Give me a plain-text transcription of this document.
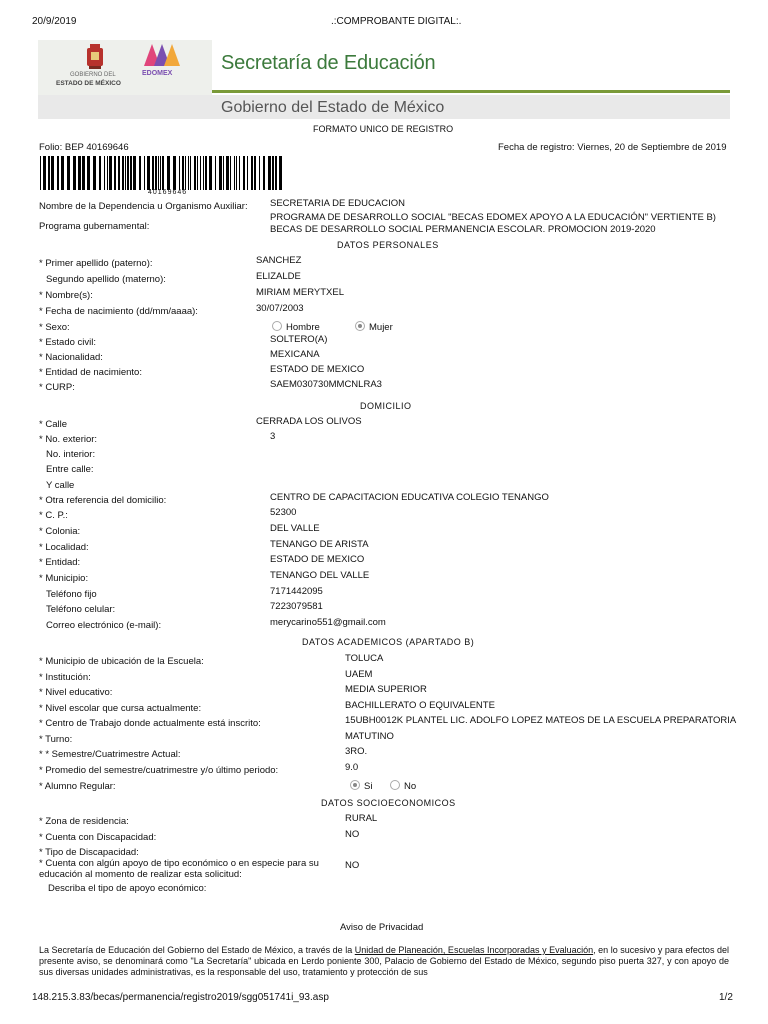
20/9/2019	.:COMPROBANTE DIGITAL:.
148.215.3.83/becas/permanencia/registro2019/sgg051741i_93.asp	1/2
GOBIERNO DEL
ESTADO DE MÉXICO
EDOMEX Secretaría de Educación
Gobierno del Estado de México
FORMATO UNICO DE REGISTRO
Folio: BEP 40169646	Fecha de registro: Viernes, 20 de Septiembre de 2019
40169646
Nombre de la Dependencia u Organismo Auxiliar: SECRETARIA DE EDUCACION
Programa gubernamental:
PROGRAMA DE DESARROLLO SOCIAL "BECAS EDOMEX APOYO A LA EDUCACIÓN" VERTIENTE B)
BECAS DE DESARROLLO SOCIAL PERMANENCIA ESCOLAR. PROMOCION 2019-2020
DATOS PERSONALES
* Primer apellido (paterno):	SANCHEZ
Segundo apellido (materno):	ELIZALDE
* Nombre(s):	MIRIAM MERYTXEL
* Fecha de nacimiento (dd/mm/aaaa):	30/07/2003
* Sexo:	Hombre	Mujer
* Estado civil:	SOLTERO(A)
* Nacionalidad:	MEXICANA
* Entidad de nacimiento:	ESTADO DE MEXICO
* CURP:	SAEM030730MMCNLRA3
DOMICILIO
* Calle	CERRADA LOS OLIVOS
* No. exterior:	3
No. interior:
Entre calle:
Y calle
* Otra referencia del domicilio:	CENTRO DE CAPACITACION EDUCATIVA COLEGIO TENANGO
* C. P.:	52300
* Colonia:	DEL VALLE
* Localidad:	TENANGO DE ARISTA
* Entidad:	ESTADO DE MEXICO
* Municipio:	TENANGO DEL VALLE
Teléfono fijo	7171442095
Teléfono celular:	7223079581
Correo electrónico (e-mail):	merycarino551@gmail.com
DATOS ACADEMICOS (APARTADO B)
* Municipio de ubicación de la Escuela:	TOLUCA
* Institución:	UAEM
* Nivel educativo:	MEDIA SUPERIOR
* Nivel escolar que cursa actualmente:	BACHILLERATO O EQUIVALENTE
* Centro de Trabajo donde actualmente está inscrito:	15UBH0012K PLANTEL LIC. ADOLFO LOPEZ MATEOS DE LA ESCUELA PREPARATORIA
* Turno:	MATUTINO
* * Semestre/Cuatrimestre Actual:	3RO.
* Promedio del semestre/cuatrimestre y/o último periodo:	9.0
* Alumno Regular:	Si	No
DATOS SOCIOECONOMICOS
* Zona de residencia:	RURAL
* Cuenta con Discapacidad:	NO
* Tipo de Discapacidad:
* Cuenta con algún apoyo de tipo económico o en especie para su
educación al momento de realizar esta solicitud:
NO
Describa el tipo de apoyo económico:
Aviso de Privacidad
La Secretaría de Educación del Gobierno del Estado de México, a través de la Unidad de Planeación, Escuelas Incorporadas y Evaluación, en lo sucesivo y para efectos del presente aviso, se denominará como "La Secretaría" ubicada en Lerdo poniente 300, Palacio de Gobierno del Estado de México, segundo piso puerta 327, y con apoyo de sus diversas unidades administrativas, es la responsable del uso, tratamiento y protección de sus
